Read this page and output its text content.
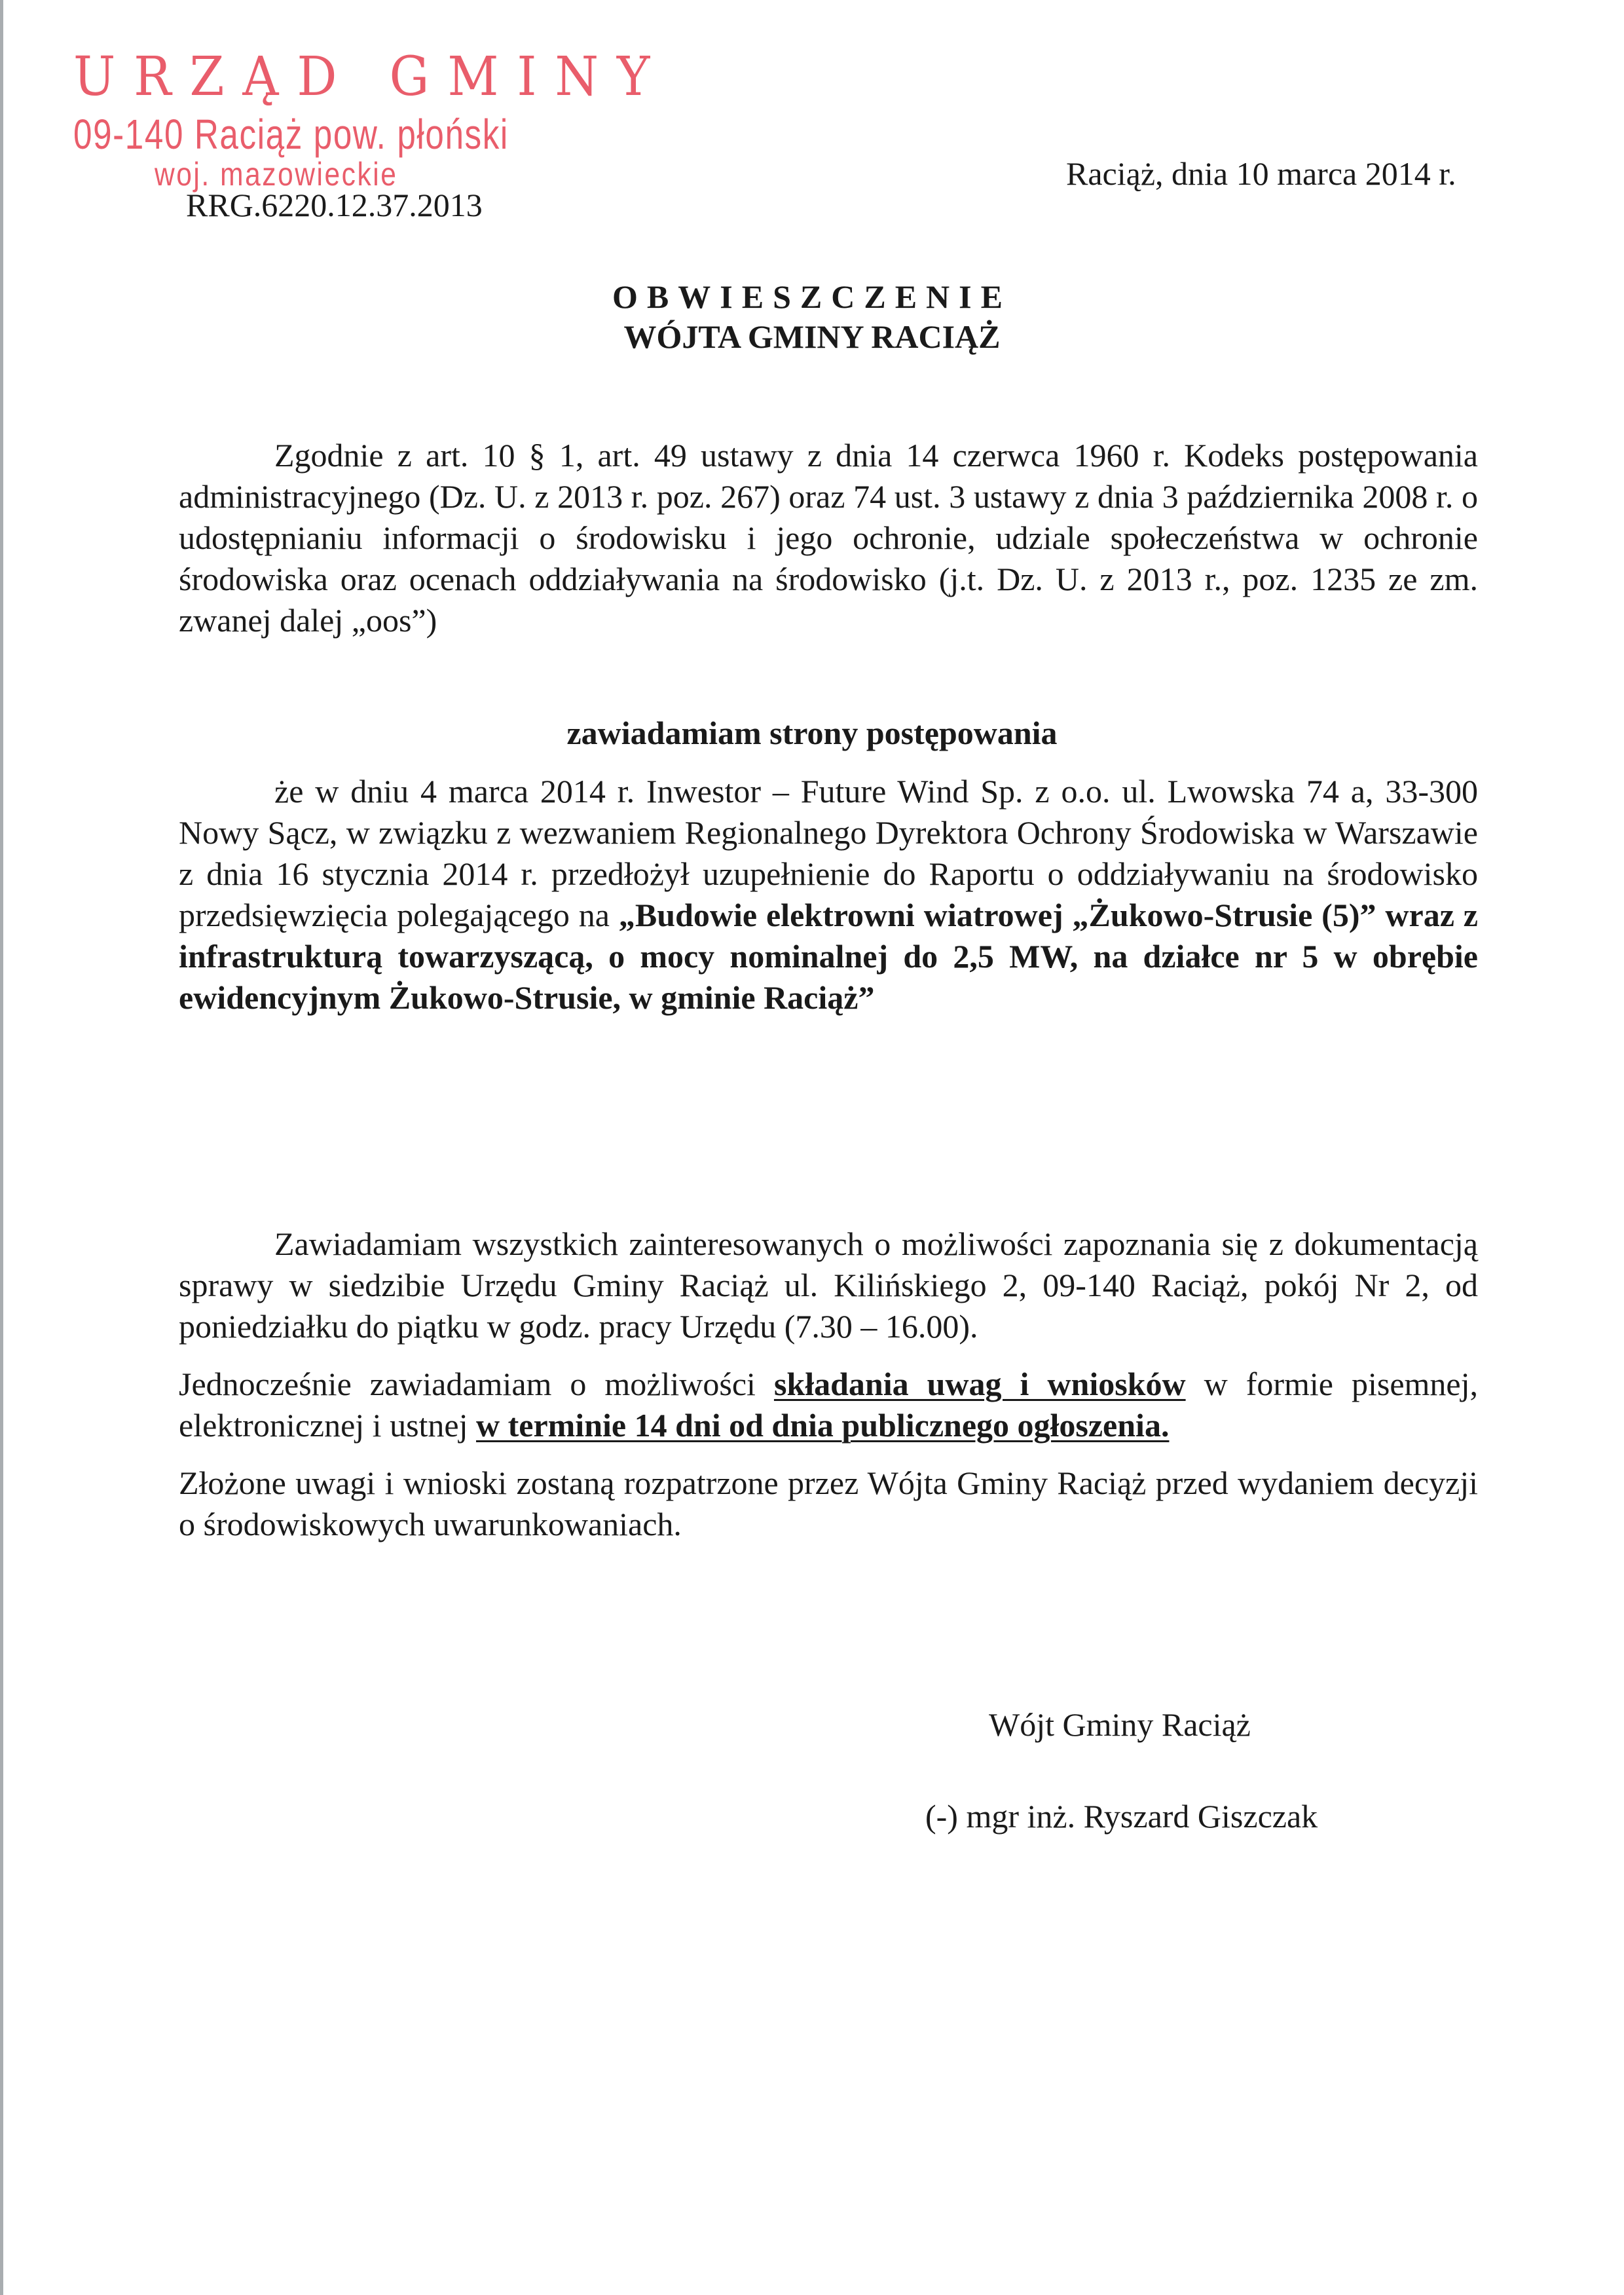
URZĄD GMINY
09-140 Raciąż pow. płoński
woj. mazowieckie
RRG.6220.12.37.2013
Raciąż, dnia 10 marca 2014 r.
OBWIESZCZENIE
WÓJTA GMINY RACIĄŻ

Zgodnie z art. 10 § 1, art. 49 ustawy z dnia 14 czerwca 1960 r. Kodeks postępowania administracyjnego (Dz. U. z 2013 r. poz. 267) oraz 74 ust. 3 ustawy z dnia 3 października 2008 r. o udostępnianiu informacji o środowisku i jego ochronie, udziale społeczeństwa w ochronie środowiska oraz ocenach oddziaływania na środowisko (j.t. Dz. U. z 2013 r., poz. 1235 ze zm. zwanej dalej „oos”)

zawiadamiam strony postępowania

że w dniu 4 marca 2014 r. Inwestor – Future Wind Sp. z o.o. ul. Lwowska 74 a, 33-300 Nowy Sącz, w związku z wezwaniem Regionalnego Dyrektora Ochrony Środowiska w Warszawie z dnia 16 stycznia 2014 r. przedłożył uzupełnienie do Raportu o oddziaływaniu na środowisko przedsięwzięcia polegającego na „Budowie elektrowni wiatrowej „Żukowo-Strusie (5)” wraz z infrastrukturą towarzyszącą, o mocy nominalnej do 2,5 MW, na działce nr 5 w obrębie ewidencyjnym Żukowo-Strusie, w gminie Raciąż”

Zawiadamiam wszystkich zainteresowanych o możliwości zapoznania się z dokumentacją sprawy w siedzibie Urzędu Gminy Raciąż ul. Kilińskiego 2, 09-140 Raciąż, pokój Nr 2, od poniedziałku do piątku w godz. pracy Urzędu (7.30 – 16.00).

Jednocześnie zawiadamiam o możliwości składania uwag i wniosków w formie pisemnej, elektronicznej i ustnej w terminie 14 dni od dnia publicznego ogłoszenia.

Złożone uwagi i wnioski zostaną rozpatrzone przez Wójta Gminy Raciąż przed wydaniem decyzji o środowiskowych uwarunkowaniach.

Wójt Gminy Raciąż
(-) mgr inż. Ryszard Giszczak
